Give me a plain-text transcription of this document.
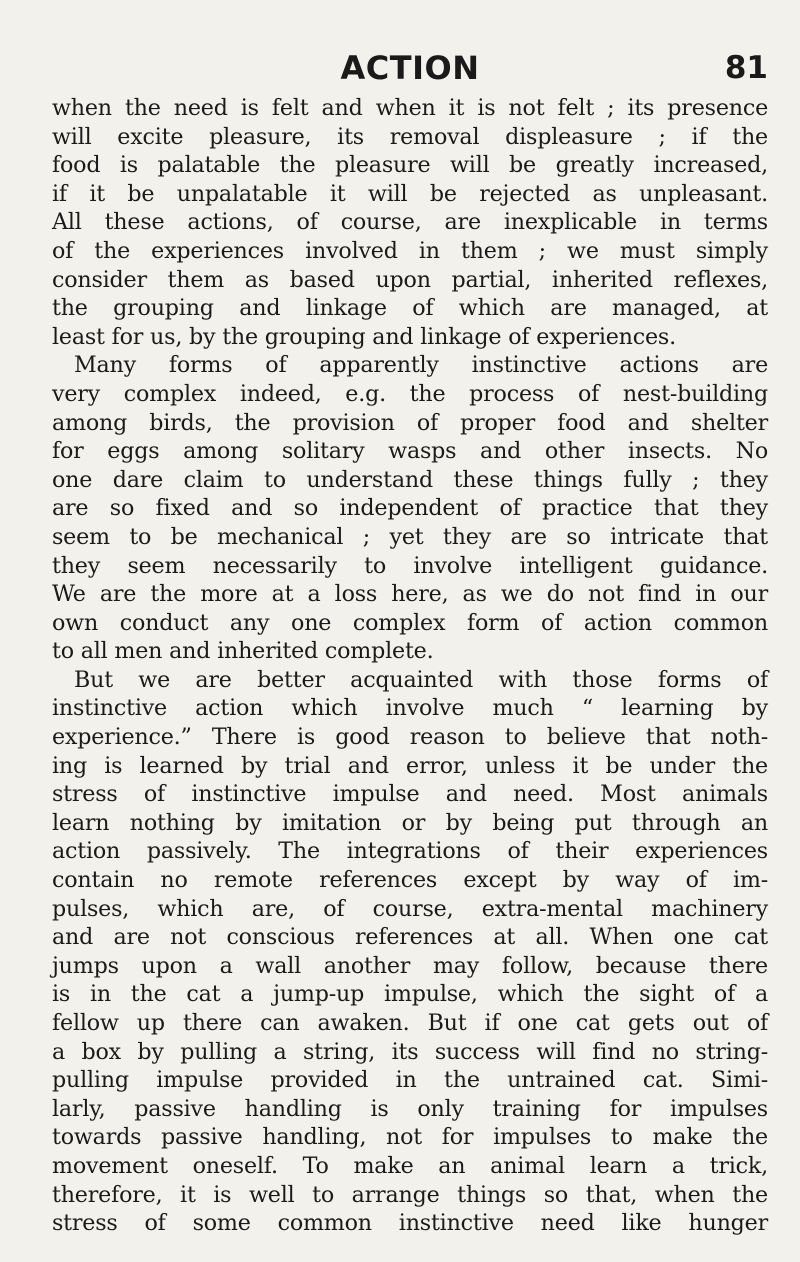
ACTION	81
when the need is felt and when it is not felt ; its presence
will excite pleasure, its removal displeasure ; if the
food is palatable the pleasure will be greatly increased,
if it be unpalatable it will be rejected as unpleasant.
All these actions, of course, are inexplicable in terms
of the experiences involved in them ; we must simply
consider them as based upon partial, inherited reflexes,
the grouping and linkage of which are managed, at
least for us, by the grouping and linkage of experiences.
Many forms of apparently instinctive actions are
very complex indeed, e.g. the process of nest-building
among birds, the provision of proper food and shelter
for eggs among solitary wasps and other insects. No
one dare claim to understand these things fully ; they
are so fixed and so independent of practice that they
seem to be mechanical ; yet they are so intricate that
they seem necessarily to involve intelligent guidance.
We are the more at a loss here, as we do not find in our
own conduct any one complex form of action common
to all men and inherited complete.
But we are better acquainted with those forms of
instinctive action which involve much “ learning by
experience.” There is good reason to believe that noth-
ing is learned by trial and error, unless it be under the
stress of instinctive impulse and need. Most animals
learn nothing by imitation or by being put through an
action passively. The integrations of their experiences
contain no remote references except by way of im-
pulses, which are, of course, extra-mental machinery
and are not conscious references at all. When one cat
jumps upon a wall another may follow, because there
is in the cat a jump-up impulse, which the sight of a
fellow up there can awaken. But if one cat gets out of
a box by pulling a string, its success will find no string-
pulling impulse provided in the untrained cat. Simi-
larly, passive handling is only training for impulses
towards passive handling, not for impulses to make the
movement oneself. To make an animal learn a trick,
therefore, it is well to arrange things so that, when the
stress of some common instinctive need like hunger
